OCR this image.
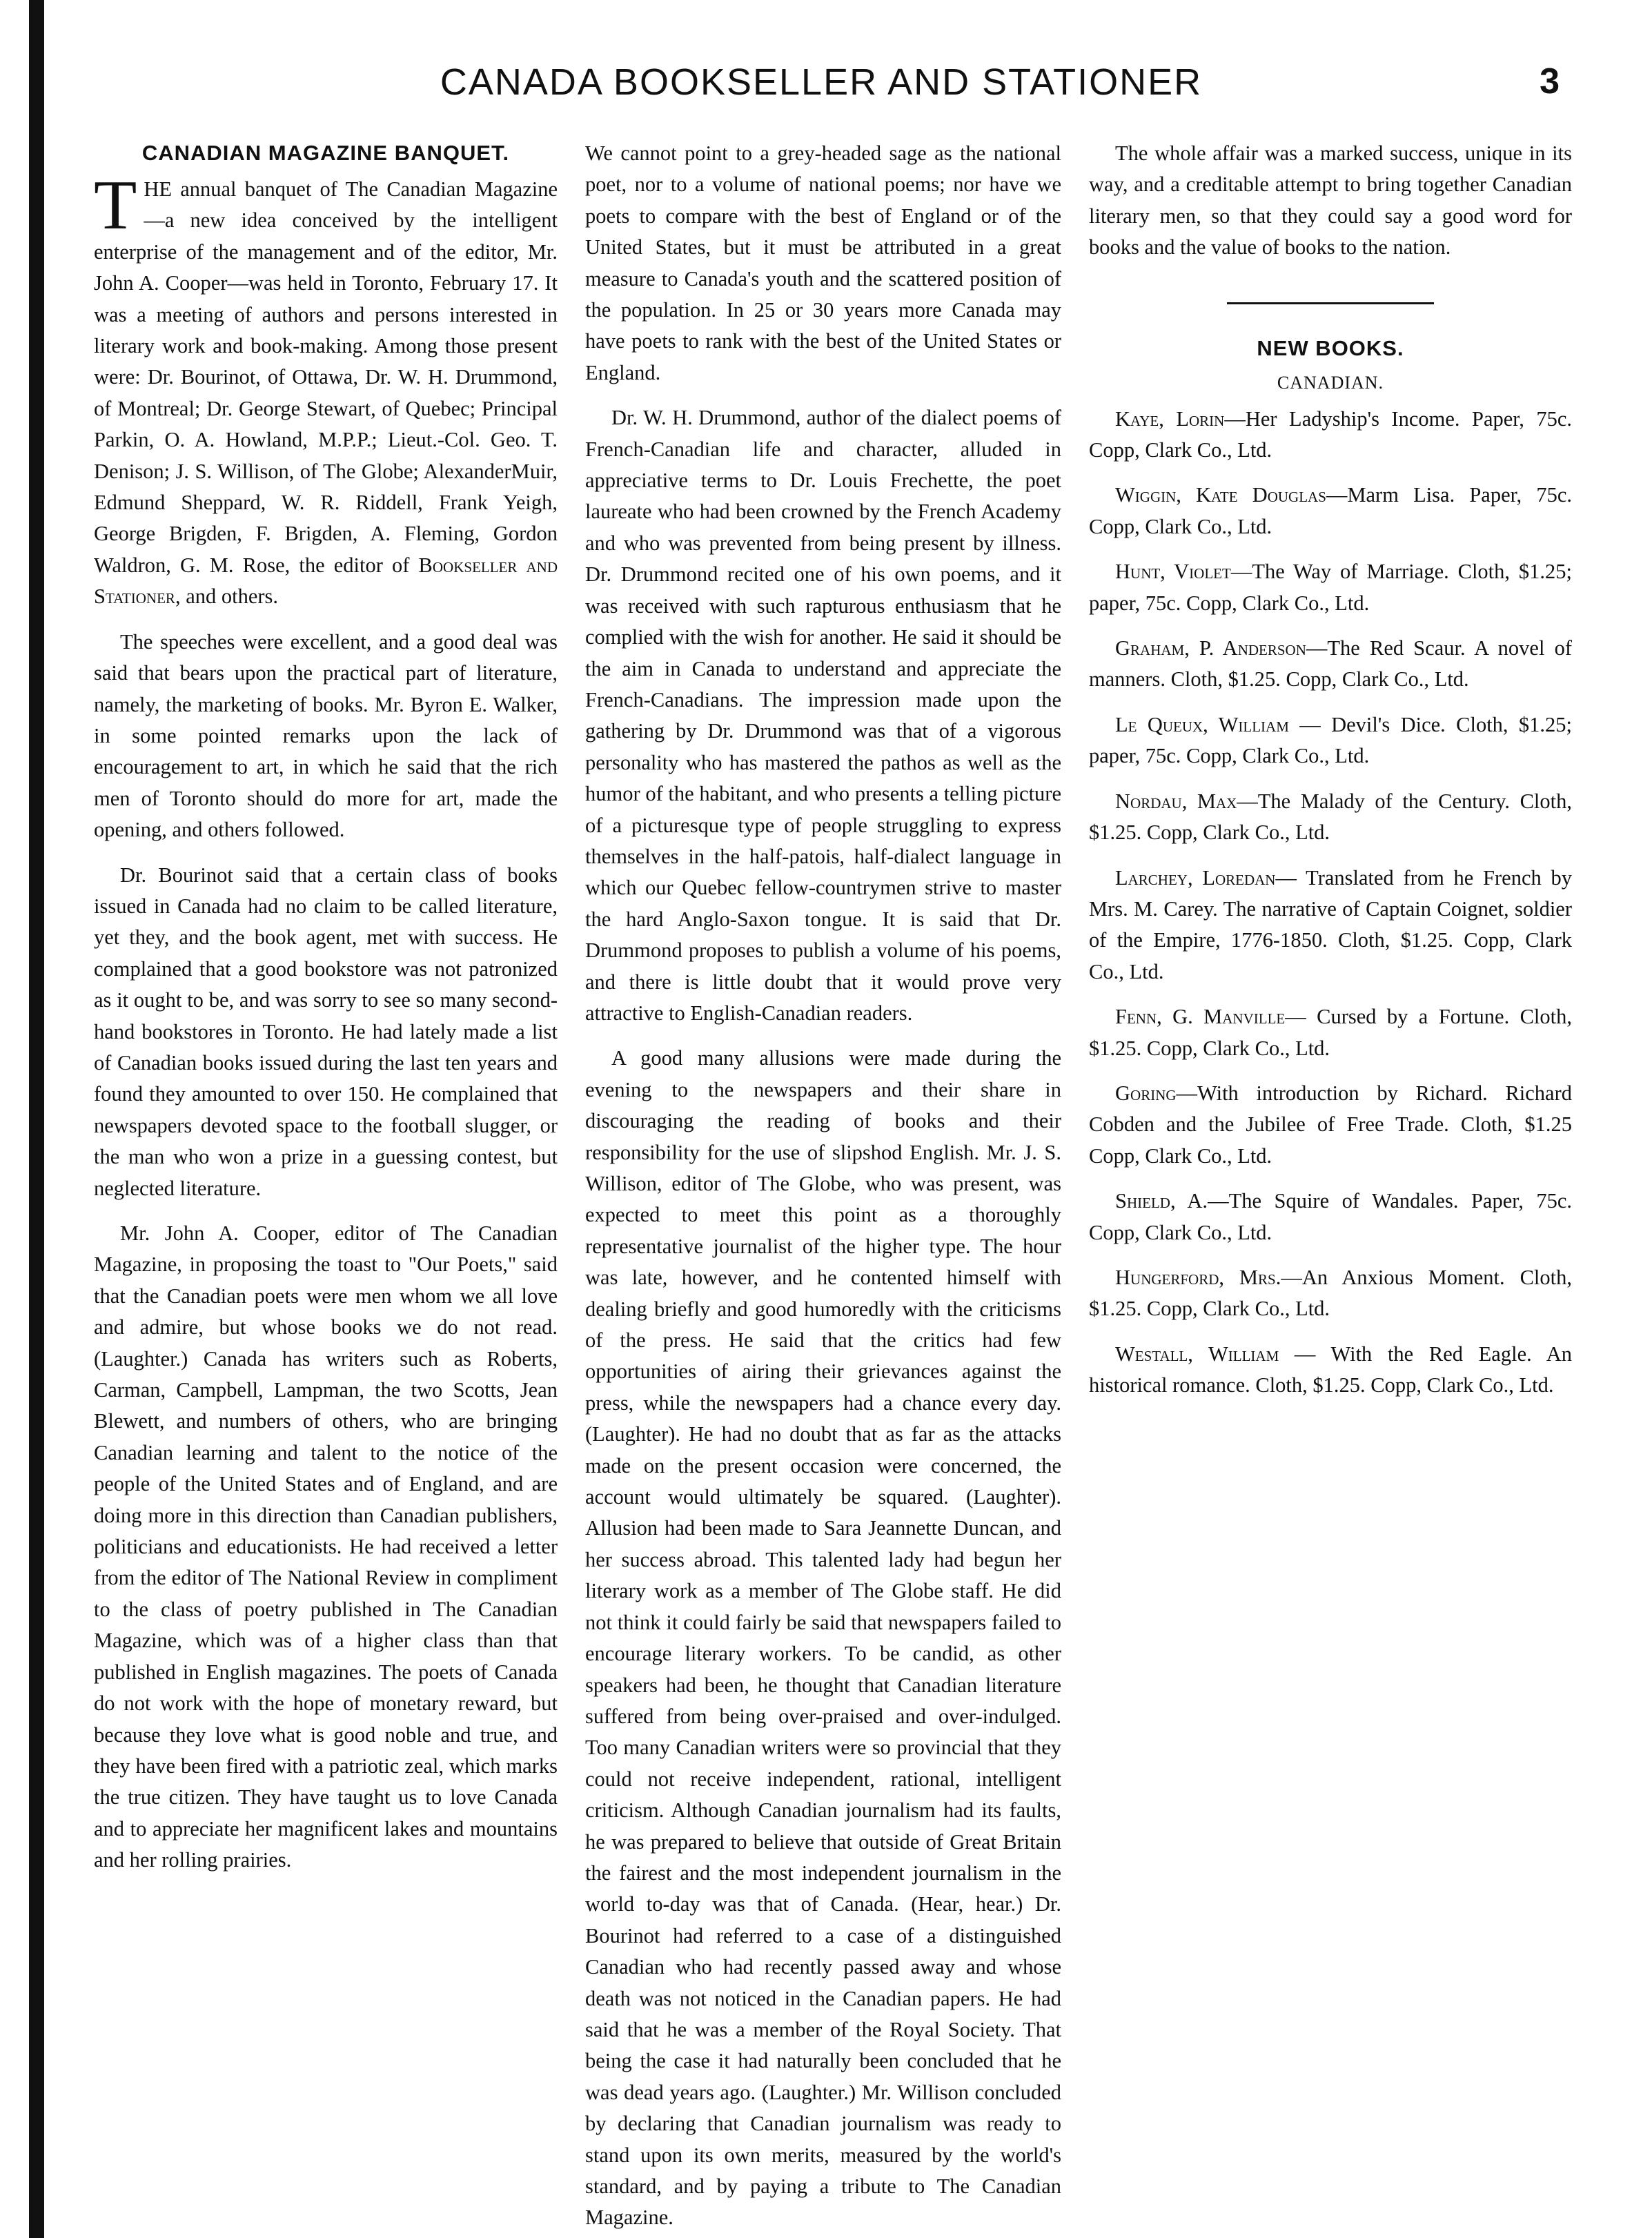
CANADA BOOKSELLER AND STATIONER	3
CANADIAN MAGAZINE BANQUET.

THE annual banquet of The Canadian Magazine—a new idea conceived by the intelligent enterprise of the management and of the editor, Mr. John A. Cooper—was held in Toronto, February 17. It was a meeting of authors and persons interested in literary work and book-making. Among those present were: Dr. Bourinot, of Ottawa, Dr. W. H. Drummond, of Montreal; Dr. George Stewart, of Quebec; Principal Parkin, O. A. Howland, M.P.P.; Lieut.-Col. Geo. T. Denison; J. S. Willison, of The Globe; AlexanderMuir, Edmund Sheppard, W. R. Riddell, Frank Yeigh, George Brigden, F. Brigden, A. Fleming, Gordon Waldron, G. M. Rose, the editor of Bookseller and Stationer, and others.

The speeches were excellent, and a good deal was said that bears upon the practical part of literature, namely, the marketing of books. Mr. Byron E. Walker, in some pointed remarks upon the lack of encouragement to art, in which he said that the rich men of Toronto should do more for art, made the opening, and others followed.

Dr. Bourinot said that a certain class of books issued in Canada had no claim to be called literature, yet they, and the book agent, met with success. He complained that a good bookstore was not patronized as it ought to be, and was sorry to see so many second-hand bookstores in Toronto. He had lately made a list of Canadian books issued during the last ten years and found they amounted to over 150. He complained that newspapers devoted space to the football slugger, or the man who won a prize in a guessing contest, but neglected literature.

Mr. John A. Cooper, editor of The Canadian Magazine, in proposing the toast to "Our Poets," said that the Canadian poets were men whom we all love and admire, but whose books we do not read. (Laughter.) Canada has writers such as Roberts, Carman, Campbell, Lampman, the two Scotts, Jean Blewett, and numbers of others, who are bringing Canadian learning and talent to the notice of the people of the United States and of England, and are doing more in this direction than Canadian publishers, politicians and educationists. He had received a letter from the editor of The National Review in compliment to the class of poetry published in The Canadian Magazine, which was of a higher class than that published in English magazines. The poets of Canada do not work with the hope of monetary reward, but because they love what is good noble and true, and they have been fired with a patriotic zeal, which marks the true citizen. They have taught us to love Canada and to appreciate her magnificent lakes and mountains and her rolling prairies.

We cannot point to a grey-headed sage as the national poet, nor to a volume of national poems; nor have we poets to compare with the best of England or of the United States, but it must be attributed in a great measure to Canada's youth and the scattered position of the population. In 25 or 30 years more Canada may have poets to rank with the best of the United States or England.

Dr. W. H. Drummond, author of the dialect poems of French-Canadian life and character, alluded in appreciative terms to Dr. Louis Frechette, the poet laureate who had been crowned by the French Academy and who was prevented from being present by illness. Dr. Drummond recited one of his own poems, and it was received with such rapturous enthusiasm that he complied with the wish for another. He said it should be the aim in Canada to understand and appreciate the French-Canadians. The impression made upon the gathering by Dr. Drummond was that of a vigorous personality who has mastered the pathos as well as the humor of the habitant, and who presents a telling picture of a picturesque type of people struggling to express themselves in the half-patois, half-dialect language in which our Quebec fellow-countrymen strive to master the hard Anglo-Saxon tongue. It is said that Dr. Drummond proposes to publish a volume of his poems, and there is little doubt that it would prove very attractive to English-Canadian readers.

A good many allusions were made during the evening to the newspapers and their share in discouraging the reading of books and their responsibility for the use of slipshod English. Mr. J. S. Willison, editor of The Globe, who was present, was expected to meet this point as a thoroughly representative journalist of the higher type. The hour was late, however, and he contented himself with dealing briefly and good humoredly with the criticisms of the press. He said that the critics had few opportunities of airing their grievances against the press, while the newspapers had a chance every day. (Laughter). He had no doubt that as far as the attacks made on the present occasion were concerned, the account would ultimately be squared. (Laughter). Allusion had been made to Sara Jeannette Duncan, and her success abroad. This talented lady had begun her literary work as a member of The Globe staff. He did not think it could fairly be said that newspapers failed to encourage literary workers. To be candid, as other speakers had been, he thought that Canadian literature suffered from being over-praised and over-indulged. Too many Canadian writers were so provincial that they could not receive independent, rational, intelligent criticism. Although Canadian journalism had its faults, he was prepared to believe that outside of Great Britain the fairest and the most independent journalism in the world to-day was that of Canada. (Hear, hear.) Dr. Bourinot had referred to a case of a distinguished Canadian who had recently passed away and whose death was not noticed in the Canadian papers. He had said that he was a member of the Royal Society. That being the case it had naturally been concluded that he was dead years ago. (Laughter.) Mr. Willison concluded by declaring that Canadian journalism was ready to stand upon its own merits, measured by the world's standard, and by paying a tribute to The Canadian Magazine.

The whole affair was a marked success, unique in its way, and a creditable attempt to bring together Canadian literary men, so that they could say a good word for books and the value of books to the nation.

NEW BOOKS.
CANADIAN.

Kaye, Lorin—Her Ladyship's Income. Paper, 75c. Copp, Clark Co., Ltd.

Wiggin, Kate Douglas—Marm Lisa. Paper, 75c. Copp, Clark Co., Ltd.

Hunt, Violet—The Way of Marriage. Cloth, $1.25; paper, 75c. Copp, Clark Co., Ltd.

Graham, P. Anderson—The Red Scaur. A novel of manners. Cloth, $1.25. Copp, Clark Co., Ltd.

Le Queux, William — Devil's Dice. Cloth, $1.25; paper, 75c. Copp, Clark Co., Ltd.

Nordau, Max—The Malady of the Century. Cloth, $1.25. Copp, Clark Co., Ltd.

Larchey, Loredan— Translated from he French by Mrs. M. Carey. The narrative of Captain Coignet, soldier of the Empire, 1776-1850. Cloth, $1.25. Copp, Clark Co., Ltd.

Fenn, G. Manville— Cursed by a Fortune. Cloth, $1.25. Copp, Clark Co., Ltd.

Goring—With introduction by Richard. Richard Cobden and the Jubilee of Free Trade. Cloth, $1.25 Copp, Clark Co., Ltd.

Shield, A.—The Squire of Wandales. Paper, 75c. Copp, Clark Co., Ltd.

Hungerford, Mrs.—An Anxious Moment. Cloth, $1.25. Copp, Clark Co., Ltd.

Westall, William — With the Red Eagle. An historical romance. Cloth, $1.25. Copp, Clark Co., Ltd.
